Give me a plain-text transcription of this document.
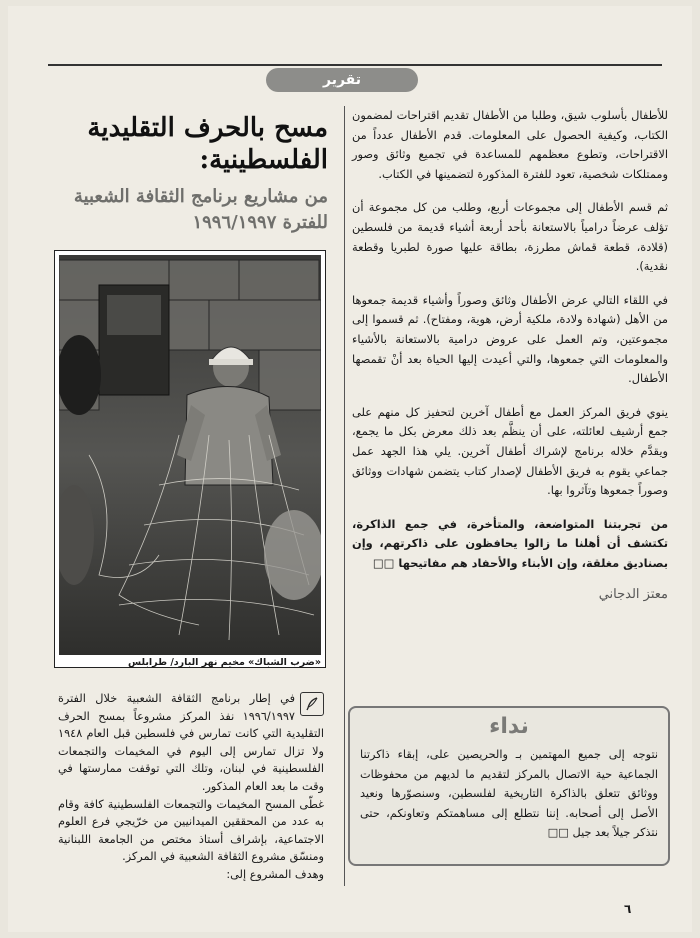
تقرير

للأطفال بأسلوب شيق، وطلبا من الأطفال تقديم اقتراحات لمضمون الكتاب، وكيفية الحصول على المعلومات. قدم الأطفال عدداً من الاقتراحات، وتطوع معظمهم للمساعدة في تجميع وثائق وصور وممتلكات شخصية، تعود للفترة المذكورة لتضمينها في الكتاب.

ثم قسم الأطفال إلى مجموعات أربع، وطلب من كل مجموعة أن تؤلف عرضاً درامياً بالاستعانة بأحد أربعة أشياء قديمة من فلسطين (قلادة، قطعة قماش مطرزة، بطاقة عليها صورة لطبريا وقطعة نقدية).

في اللقاء التالي عرض الأطفال وثائق وصوراً وأشياء قديمة جمعوها من الأهل (شهادة ولادة، ملكية أرض، هوية، ومفتاح). ثم قسموا إلى مجموعتين، وتم العمل على عروض درامية بالاستعانة بالأشياء والمعلومات التي جمعوها، والتي أعيدت إليها الحياة بعد أنْ تقمصها الأطفال.

ينوي فريق المركز العمل مع أطفال آخرين لتحفيز كل منهم على جمع أرشيف لعائلته، على أن ينظَّم بعد ذلك معرض بكل ما يجمع، ويقدَّم خلاله برنامج لإشراك أطفال آخرين. يلي هذا الجهد عمل جماعي يقوم به فريق الأطفال لإصدار كتاب يتضمن شهادات ووثائق وصوراً جمعوها وتآثروا بها.

من تجربتنا المتواضعة، والمتأخرة، في جمع الذاكرة، تكتشف أن أهلنا ما زالوا يحافظون على ذاكرتهم، وإن بصناديق مغلقة، وإن الأبناء والأحفاد هم مفاتيحها □□

معتز الدجاني
نداء
نتوجه إلى جميع المهتمين بـ والحريصين على، إبقاء ذاكرتنا الجماعية حية الاتصال بالمركز لتقديم ما لديهم من محفوظات ووثائق تتعلق بالذاكرة التاريخية لفلسطين، وسنصوّرها ونعيد الأصل إلى أصحابه. إننا نتطلع إلى مساهمتكم وتعاونكم، حتى نتذكر جيلاً بعد جيل □□
مسح بالحرف التقليدية الفلسطينية:
من مشاريع برنامج الثقافة الشعبية للفترة ١٩٩٦/١٩٩٧
«ضرب الشباك» مخيم نهر البارد/ طرابلس

في إطار برنامج الثقافة الشعبية خلال الفترة ١٩٩٦/١٩٩٧ نفذ المركز مشروعاً بمسح الحرف التقليدية التي كانت تمارس في فلسطين قبل العام ١٩٤٨ ولا تزال تمارس إلى اليوم في المخيمات والتجمعات الفلسطينية في لبنان، وتلك التي توقفت ممارستها في وقت ما بعد العام المذكور.

غطّى المسح المخيمات والتجمعات الفلسطينية كافة وقام به عدد من المحققين الميدانيين من خرّيجي فرع العلوم الاجتماعية، بإشراف أستاذ مختص من الجامعة اللبنانية ومنسّق مشروع الثقافة الشعبية في المركز.

وهدف المشروع إلى:

٦
